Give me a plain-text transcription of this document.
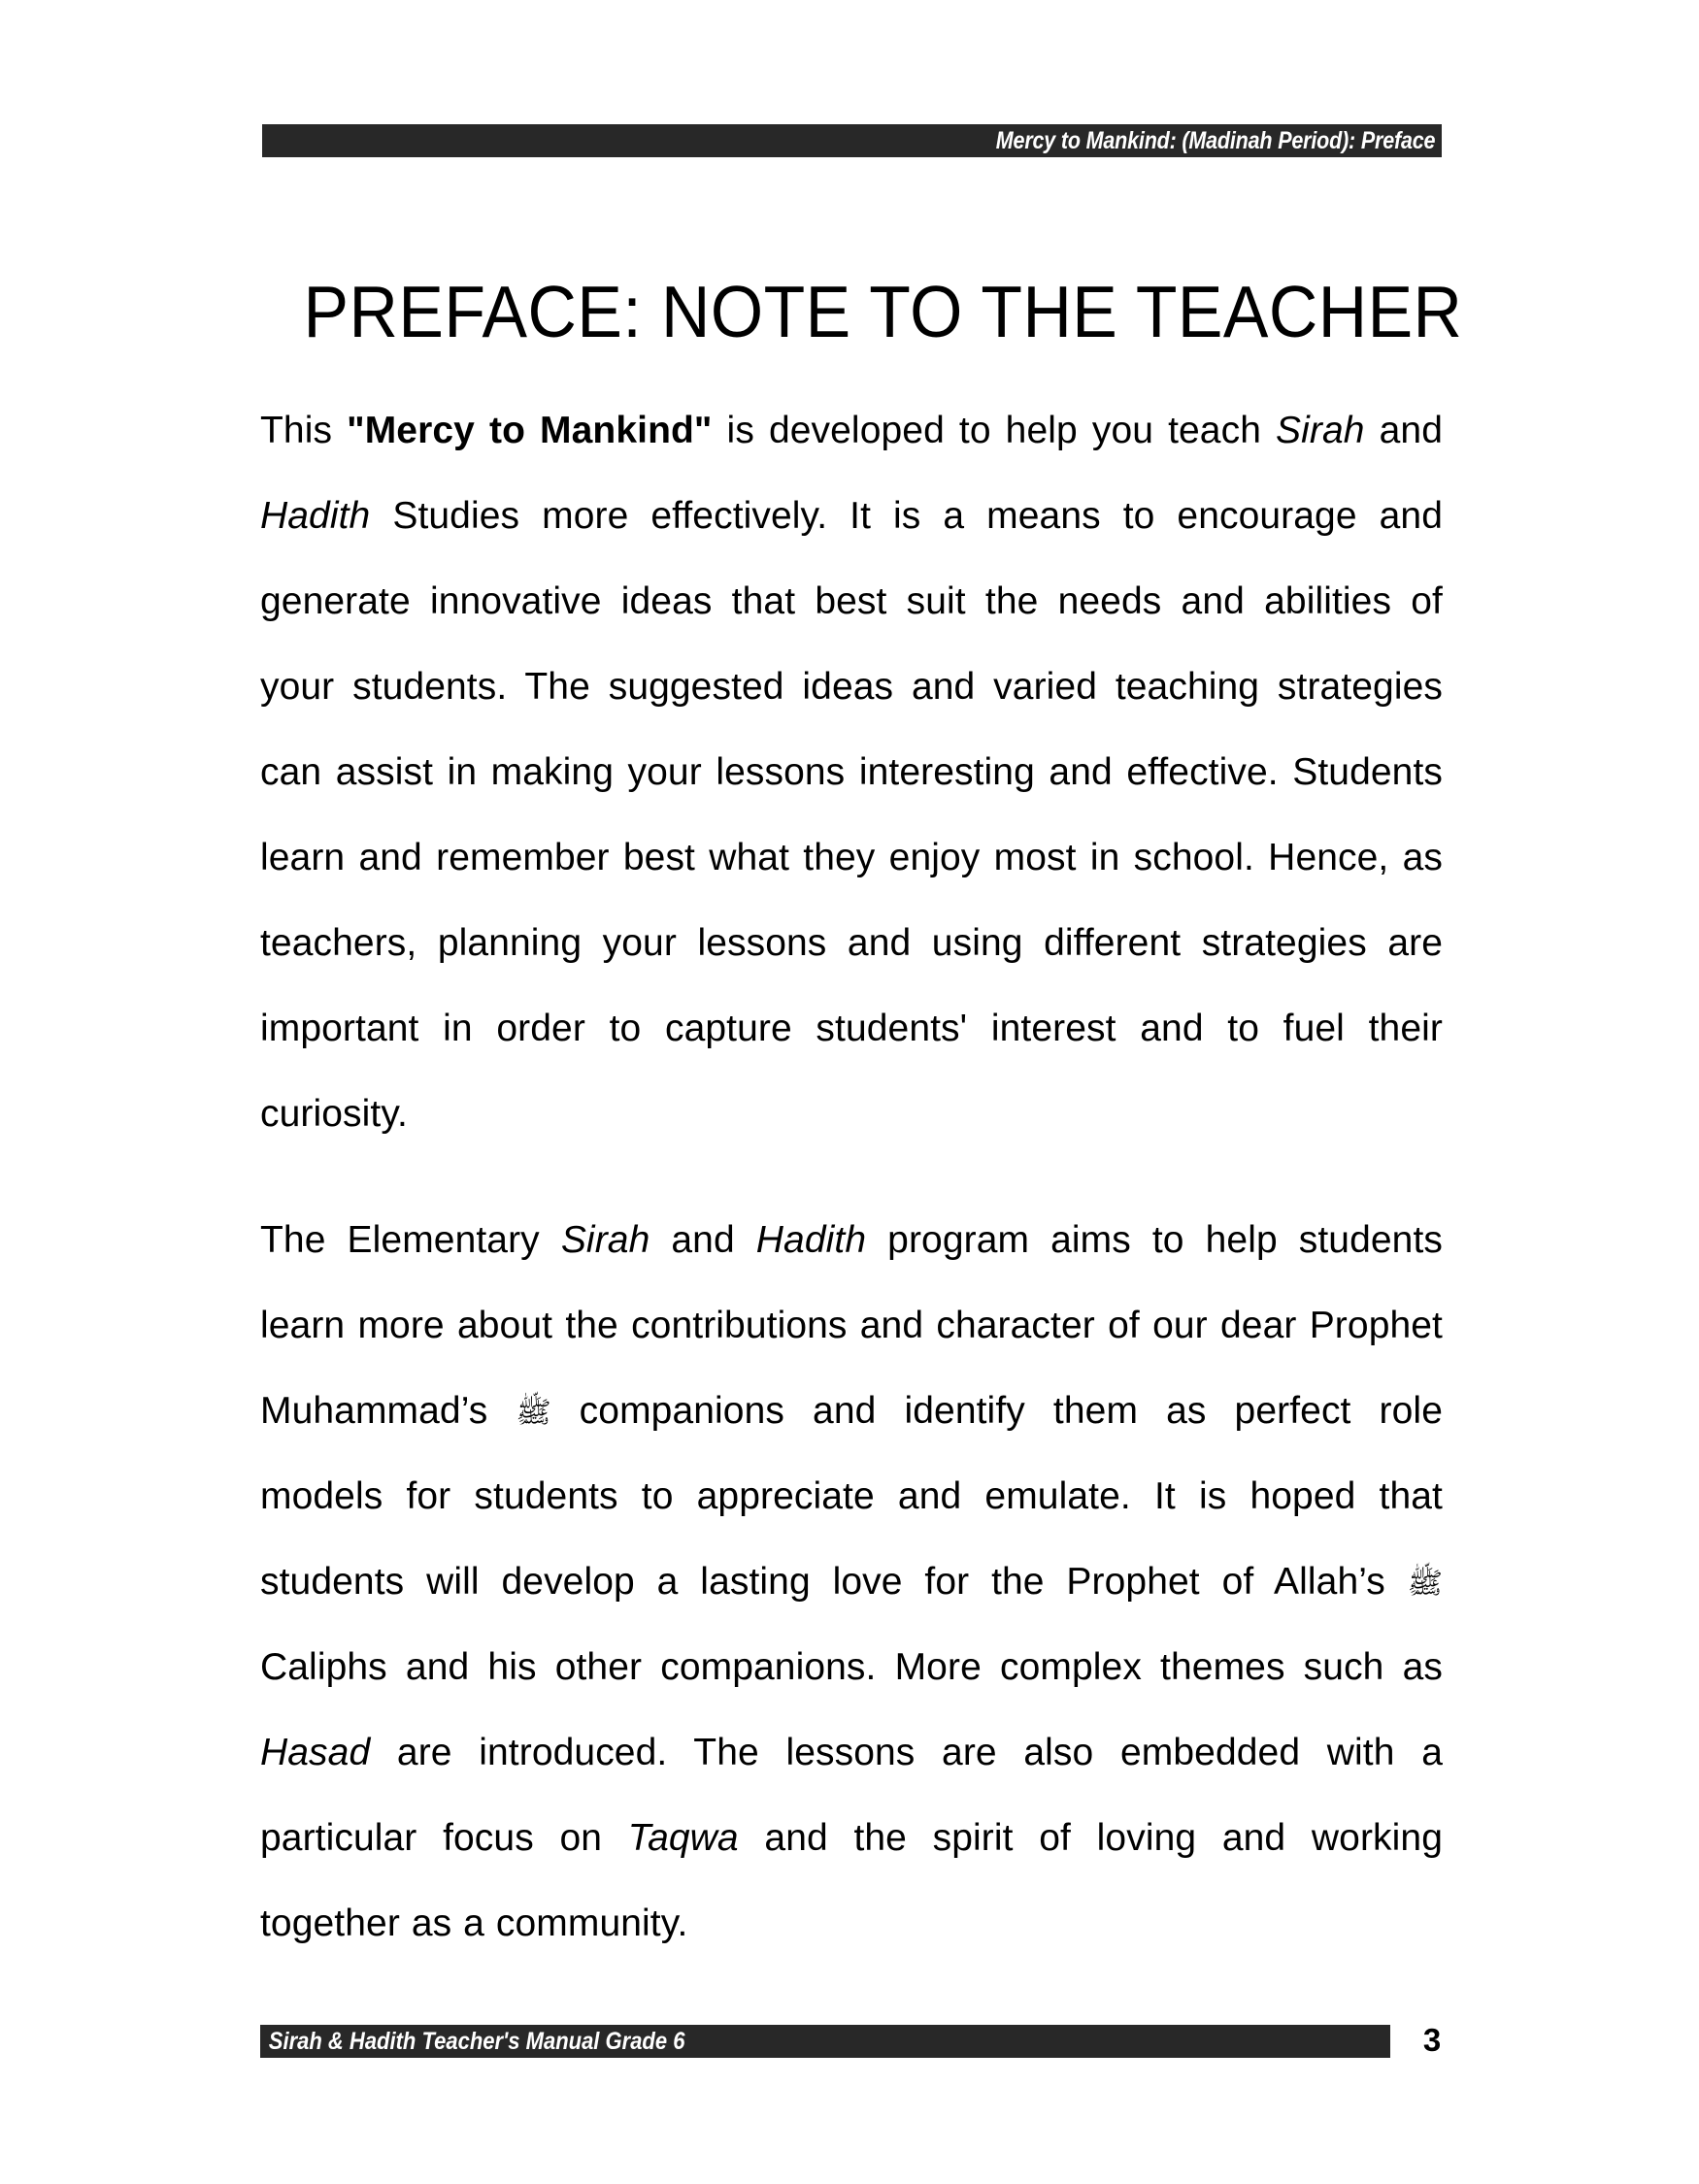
Mercy to Mankind: (Madinah Period): Preface
PREFACE: NOTE TO THE TEACHER

This "Mercy to Mankind" is developed to help you teach Sirah and Hadith Studies more effectively. It is a means to encourage and generate innovative ideas that best suit the needs and abilities of your students. The suggested ideas and varied teaching strategies can assist in making your lessons interesting and effective. Students learn and remember best what they enjoy most in school. Hence, as teachers, planning your lessons and using different strategies are important in order to capture students' interest and to fuel their curiosity.

The Elementary Sirah and Hadith program aims to help students learn more about the contributions and character of our dear Prophet Muhammad’s ﷺ companions and identify them as perfect role models for students to appreciate and emulate. It is hoped that students will develop a lasting love for the Prophet of Allah’s ﷺ Caliphs and his other companions. More complex themes such as Hasad are introduced. The lessons are also embedded with a particular focus on Taqwa and the spirit of loving and working together as a community.

Sirah & Hadith Teacher's Manual Grade 6	3
